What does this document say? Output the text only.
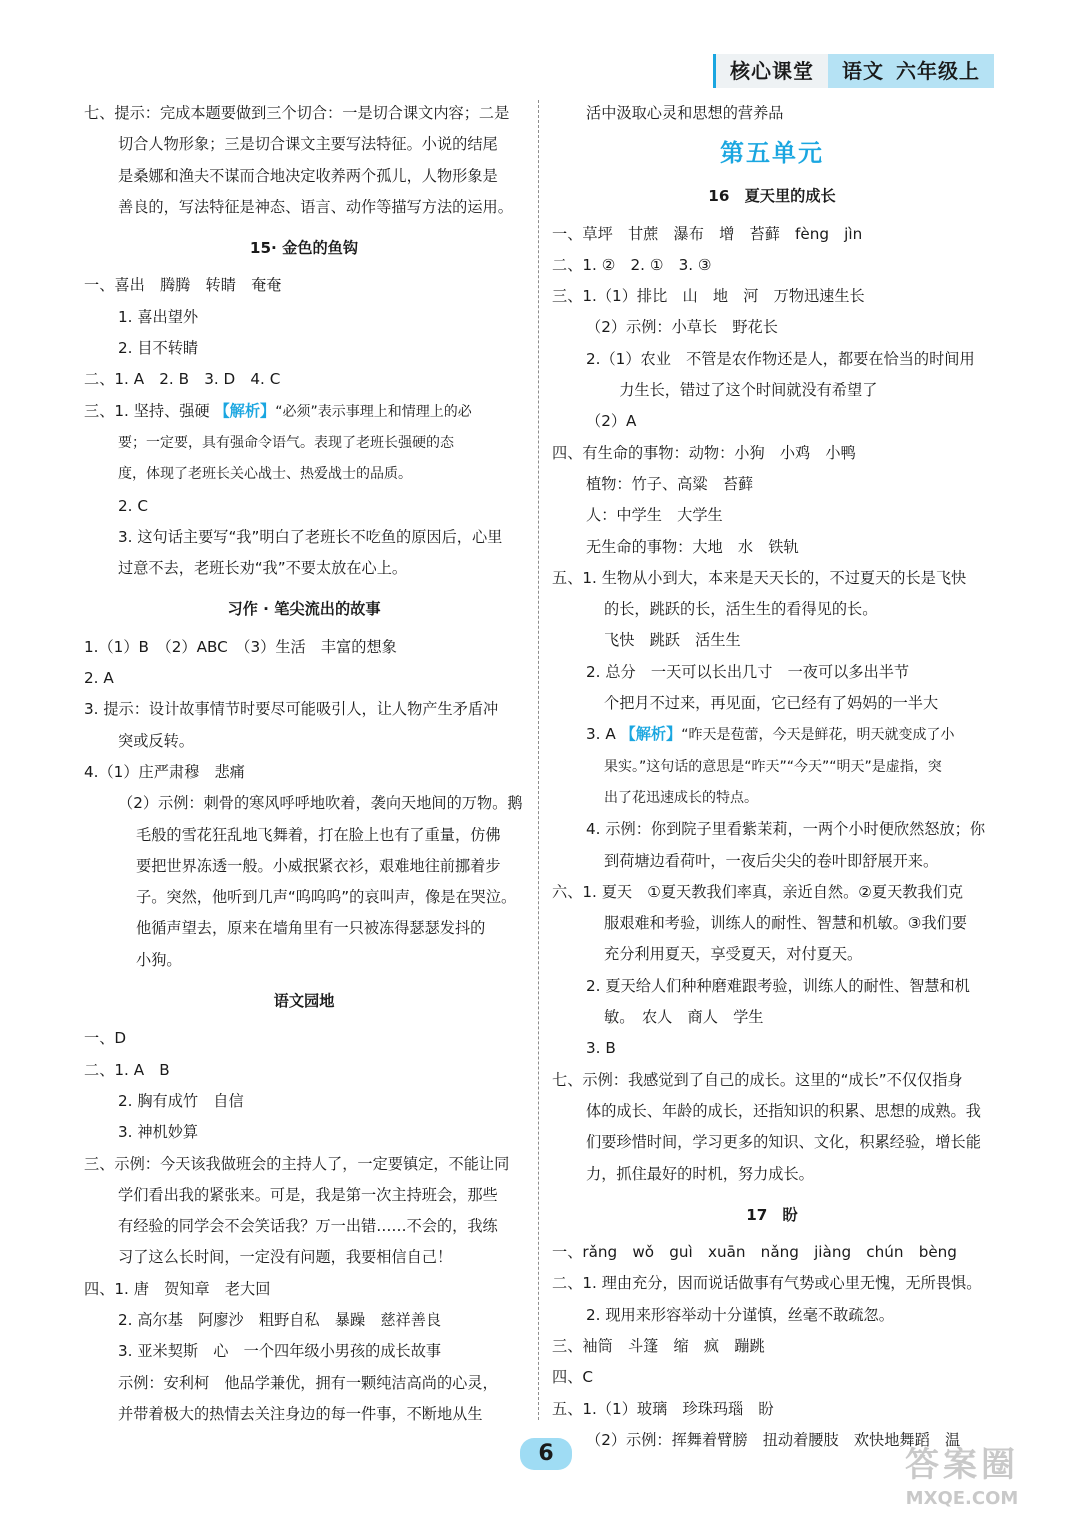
核心课堂	语文 六年级上
七、提示：完成本题要做到三个切合：一是切合课文内容；二是
切合人物形象；三是切合课文主要写法特征。小说的结尾
是桑娜和渔夫不谋而合地决定收养两个孤儿，人物形象是
善良的，写法特征是神态、语言、动作等描写方法的运用。
15· 金色的鱼钩
一、喜出　腾腾　转睛　奄奄
1. 喜出望外
2. 目不转睛
二、1. A　2. B　3. D　4. C
三、1. 坚持、强硬 【解析】“必须”表示事理上和情理上的必
要；一定要，具有强命令语气。表现了老班长强硬的态
度，体现了老班长关心战士、热爱战士的品质。
2. C
3. 这句话主要写“我”明白了老班长不吃鱼的原因后，心里
过意不去，老班长劝“我”不要太放在心上。
习作 · 笔尖流出的故事
1.（1）B　（2）ABC　（3）生活　丰富的想象
2. A
3. 提示：设计故事情节时要尽可能吸引人，让人物产生矛盾冲
突或反转。
4.（1）庄严肃穆　悲痛
（2）示例：刺骨的寒风呼呼地吹着，袭向天地间的万物。鹅
毛般的雪花狂乱地飞舞着，打在脸上也有了重量，仿佛
要把世界冻透一般。小威抿紧衣衫，艰难地往前挪着步
子。突然，他听到几声“呜呜呜”的哀叫声，像是在哭泣。
他循声望去，原来在墙角里有一只被冻得瑟瑟发抖的
小狗。
语文园地
一、D
二、1. A　B
2. 胸有成竹　自信
3. 神机妙算
三、示例：今天该我做班会的主持人了，一定要镇定，不能让同
学们看出我的紧张来。可是，我是第一次主持班会，那些
有经验的同学会不会笑话我？万一出错……不会的，我练
习了这么长时间，一定没有问题，我要相信自己！
四、1. 唐　贺知章　老大回
2. 高尔基　阿廖沙　粗野自私　暴躁　慈祥善良
3. 亚米契斯　心　一个四年级小男孩的成长故事
示例：安利柯　他品学兼优，拥有一颗纯洁高尚的心灵，
并带着极大的热情去关注身边的每一件事，不断地从生
活中汲取心灵和思想的营养品
第五单元
16　夏天里的成长
一、草坪　甘蔗　瀑布　增　苔藓　fèng　jìn
二、1. ②　2. ①　3. ③
三、1.（1）排比　山　地　河　万物迅速生长
（2）示例：小草长　野花长
2.（1）农业　不管是农作物还是人，都要在恰当的时间用
　力生长，错过了这个时间就没有希望了
（2）A
四、有生命的事物：动物：小狗　小鸡　小鸭
植物：竹子、高粱　苔藓
人：中学生　大学生
无生命的事物：大地　水　铁轨
五、1. 生物从小到大，本来是天天长的，不过夏天的长是飞快
的长，跳跃的长，活生生的看得见的长。
飞快　跳跃　活生生
2. 总分　一天可以长出几寸　一夜可以多出半节
个把月不过来，再见面，它已经有了妈妈的一半大
3. A 【解析】“昨天是苞蕾，今天是鲜花，明天就变成了小
果实。”这句话的意思是“昨天”“今天”“明天”是虚指，突
出了花迅速成长的特点。
4. 示例：你到院子里看紫茉莉，一两个小时便欣然怒放；你
到荷塘边看荷叶，一夜后尖尖的卷叶即舒展开来。
六、1. 夏天　①夏天教我们率真，亲近自然。②夏天教我们克
服艰难和考验，训练人的耐性、智慧和机敏。③我们要
充分利用夏天，享受夏天，对付夏天。
2. 夏天给人们种种磨难跟考验，训练人的耐性、智慧和机
敏。　农人　商人　学生
3. B
七、示例：我感觉到了自己的成长。这里的“成长”不仅仅指身
体的成长、年龄的成长，还指知识的积累、思想的成熟。我
们要珍惜时间，学习更多的知识、文化，积累经验，增长能
力，抓住最好的时机，努力成长。
17　盼
一、rǎng　wǒ　guì　xuān　nǎng　jiàng　chún　bèng
二、1. 理由充分，因而说话做事有气势或心里无愧，无所畏惧。
2. 现用来形容举动十分谨慎，丝毫不敢疏忽。
三、袖筒　斗篷　缩　疯　蹦跳
四、C
五、1.（1）玻璃　珍珠玛瑙　盼
（2）示例：挥舞着臂膀　扭动着腰肢　欢快地舞蹈　温
6	答案圈
MXQE.COM
